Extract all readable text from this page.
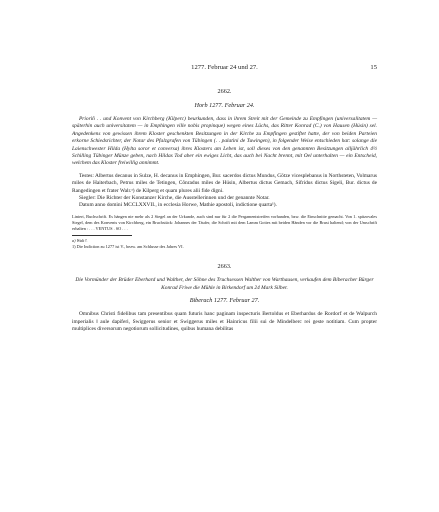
1277. Februar 24 und 27.	15

2662.

Horb 1277. Februar 24.

Prioriñ . . und Konvent von Kirchberg (Kilperc) beurkunden, dass in ihrem Streit mit der Gemeinde zu Empfingen (universalitatem — späterhin auch universitatem — in Emphingen ville nobis propinque) wegen eines Lüchs, das Ritter Konrad (C.) von Hausen (Húsin) sel. Angedenkens von gewissen ihrem Kloster geschenkten Besitzungen in der Kirche zu Empfingen gestiftet hatte, der von beiden Parteien erkorne Schiedsrichter, der Notar des Pfalzgrafen von Tübingen (. . palatini de Tuwingen), in folgender Weise entschieden hat: solange die Laienschwester Hilda (Hylta soror et conversa) ihres Klosters am Leben ist, soll dieses von den genannten Besitzungen alljährlich 4½ Schilling Tübinger Münze geben, nach Hildas Tod aber ein ewiges Licht, das auch bei Nacht brennt, mit Oel unterhalten — ein Entscheid, welchem das Kloster freiwillig annimmt.

Testes: Albertus decanus in Sulze, H. decanus in Emphingen, Bur. sacerdos dictus Mundus, Götze vicesplebanus in Northsteten, Volmarus miles de Haiterbach, Petrus miles de Tetingen, Cônradus miles de Húsin, Albertus dictus Gemach, Sifridus dictus Sigeli, Bur. dictus de Rangedingen et frater Walr.ᵃ) de Kilperg et quam plures alii fide digni.

Siegler: Die Richter der Konstanzer Kirche, die Ausstellerinnen und der genannte Notar.

Datum anno domini MCCLXXVII., in ecclesia Horwe, Mathie apostoli, indictione quarta¹).

Liniert, Buchschrift. Es hängen nie mehr als 2 Siegel an der Urkunde, auch sind nur für 2 die Pergamentstreifen vorhanden, bzw. die Einschnitte gemacht. Von 1. spitzovales Siegel, dem des Konvents von Kirchberg, ein Bruchstück: Johannes der Täufer, die Schrift mit dem Lamm Gottes mit beiden Händen vor die Brust haltend; von der Umschrift erhalten : . . . VENTUS . SO . . .

a) Walt?.

1) Die Indiction zu 1277 ist V., bezw. am Schlusse des Jahres VI.

2663.

Die Vormünder der Brüder Eberhard und Walther, der Söhne des Truchsessen Walther von Warthausen, verkaufen dem Biberacher Bürger Konrad Friwe die Mühle in Birkendorf um 24 Mark Silber.

Biberach 1277. Februar 27.

Omnibus Christi fidelibus tam presentibus quam futuris hanc paginam inspecturis Bertoldus et Eberhardus de Rordorf et de Walpurch imperialis ‖ aule dapiferi, Swiggerus senior et Swiggerus miles et Hainricus filii sui de Mindelberc rei geste notitiam. Cum propter multiplices diversorum negotiorum sollicitudines, quibus humana debilitas
